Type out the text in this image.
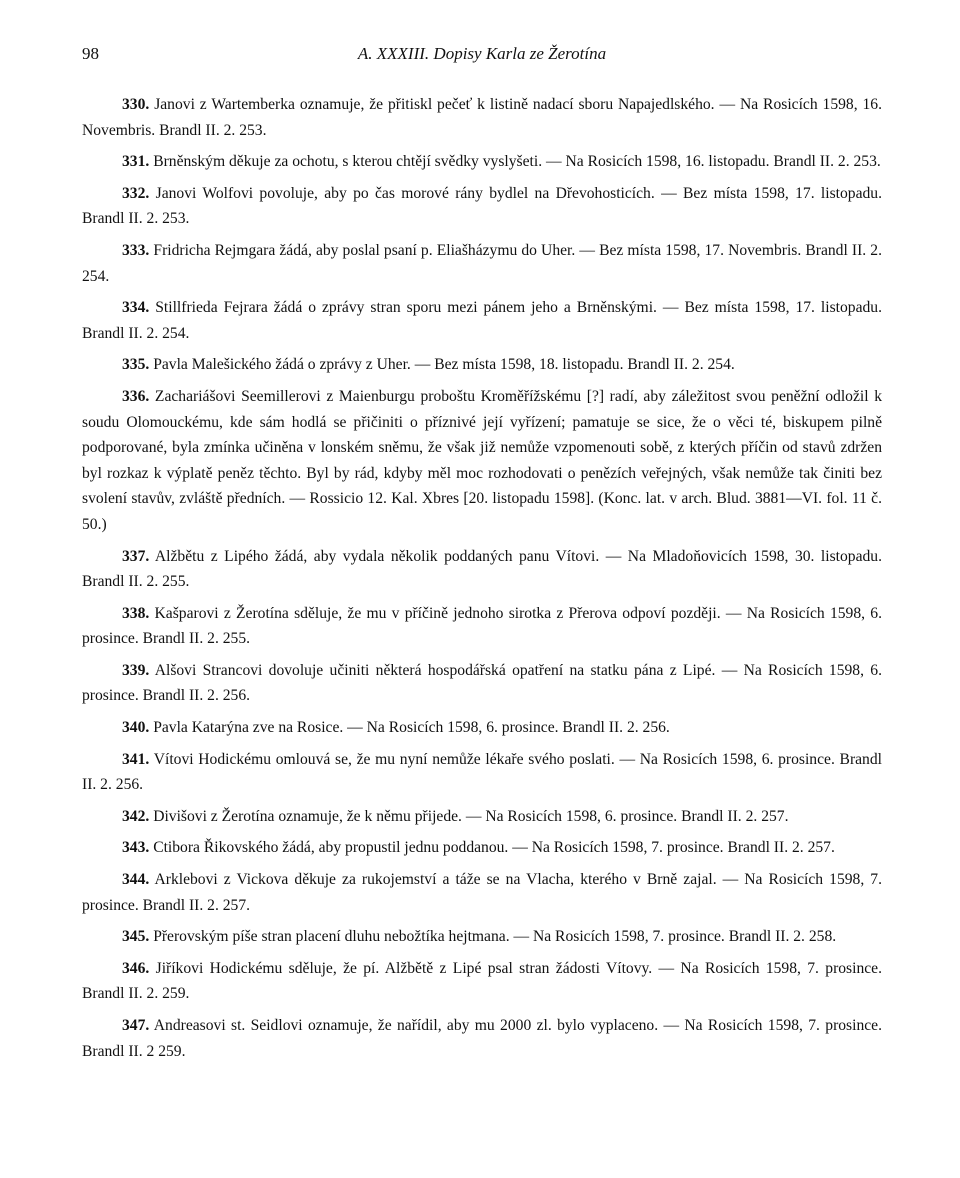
98	A. XXXIII. Dopisy Karla ze Žerotína

330. Janovi z Wartemberka oznamuje, že přitiskl pečeť k listině nadací sboru Napajedlského. — Na Rosicích 1598, 16. Novembris. Brandl II. 2. 253.

331. Brněnským děkuje za ochotu, s kterou chtějí svědky vyslyšeti. — Na Rosicích 1598, 16. listopadu. Brandl II. 2. 253.

332. Janovi Wolfovi povoluje, aby po čas morové rány bydlel na Dřevohosticích. — Bez místa 1598, 17. listopadu. Brandl II. 2. 253.

333. Fridricha Rejmgara žádá, aby poslal psaní p. Eliašházymu do Uher. — Bez místa 1598, 17. Novembris. Brandl II. 2. 254.

334. Stillfrieda Fejrara žádá o zprávy stran sporu mezi pánem jeho a Brněnskými. — Bez místa 1598, 17. listopadu. Brandl II. 2. 254.

335. Pavla Malešického žádá o zprávy z Uher. — Bez místa 1598, 18. listopadu. Brandl II. 2. 254.

336. Zachariášovi Seemillerovi z Maienburgu proboštu Kroměřížskému [?] radí, aby záležitost svou peněžní odložil k soudu Olomouckému, kde sám hodlá se přičiniti o příznivé její vyřízení; pamatuje se sice, že o věci té, biskupem pilně podporované, byla zmínka učiněna v lonském sněmu, že však již nemůže vzpomenouti sobě, z kterých příčin od stavů zdržen byl rozkaz k výplatě peněz těchto. Byl by rád, kdyby měl moc rozhodovati o penězích veřejných, však nemůže tak činiti bez svolení stavův, zvláště předních. — Rossicio 12. Kal. Xbres [20. listopadu 1598]. (Konc. lat. v arch. Blud. 3881—VI. fol. 11 č. 50.)

337. Alžbětu z Lipého žádá, aby vydala několik poddaných panu Vítovi. — Na Mladoňovicích 1598, 30. listopadu. Brandl II. 2. 255.

338. Kašparovi z Žerotína sděluje, že mu v příčině jednoho sirotka z Přerova odpoví později. — Na Rosicích 1598, 6. prosince. Brandl II. 2. 255.

339. Alšovi Strancovi dovoluje učiniti některá hospodářská opatření na statku pána z Lipé. — Na Rosicích 1598, 6. prosince. Brandl II. 2. 256.

340. Pavla Katarýna zve na Rosice. — Na Rosicích 1598, 6. prosince. Brandl II. 2. 256.

341. Vítovi Hodickému omlouvá se, že mu nyní nemůže lékaře svého poslati. — Na Rosicích 1598, 6. prosince. Brandl II. 2. 256.

342. Divišovi z Žerotína oznamuje, že k němu přijede. — Na Rosicích 1598, 6. prosince. Brandl II. 2. 257.

343. Ctibora Řikovského žádá, aby propustil jednu poddanou. — Na Rosicích 1598, 7. prosince. Brandl II. 2. 257.

344. Arklebovi z Vickova děkuje za rukojemství a táže se na Vlacha, kterého v Brně zajal. — Na Rosicích 1598, 7. prosince. Brandl II. 2. 257.

345. Přerovským píše stran placení dluhu nebožtíka hejtmana. — Na Rosicích 1598, 7. prosince. Brandl II. 2. 258.

346. Jiříkovi Hodickému sděluje, že pí. Alžbětě z Lipé psal stran žádosti Vítovy. — Na Rosicích 1598, 7. prosince. Brandl II. 2. 259.

347. Andreasovi st. Seidlovi oznamuje, že nařídil, aby mu 2000 zl. bylo vyplaceno. — Na Rosicích 1598, 7. prosince. Brandl II. 2 259.
